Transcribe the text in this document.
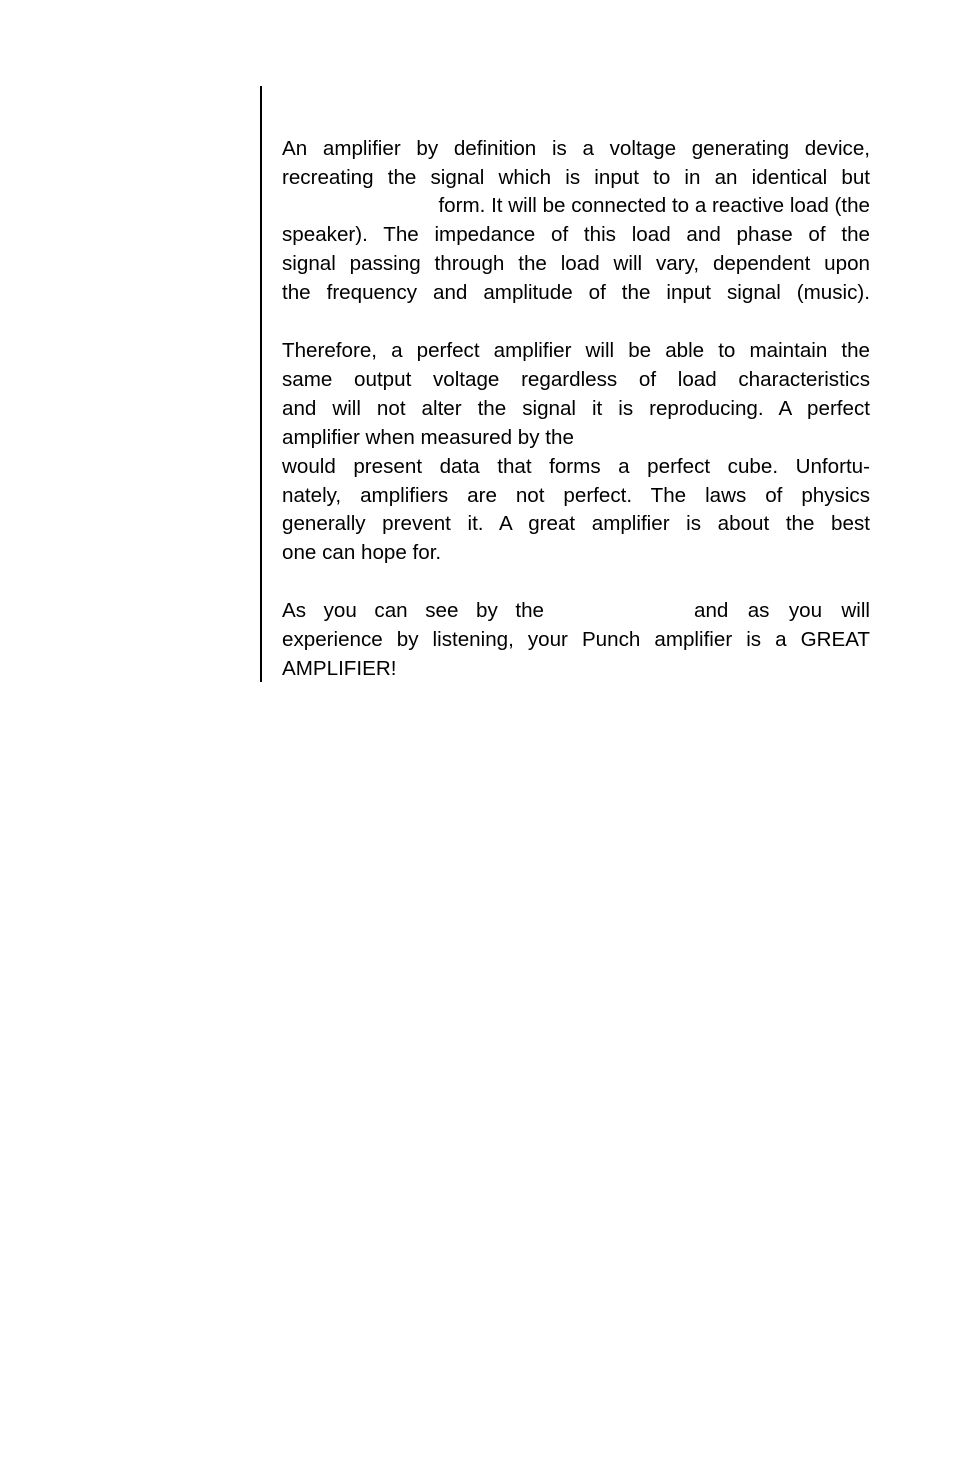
An amplifier by definition is a voltage generating device,
recreating the signal which is input to in an identical but
form. It will be connected to a reactive load (the
speaker). The impedance of this load and phase of the
signal passing through the load will vary, dependent upon
the frequency and amplitude of the input signal (music).
Therefore, a perfect amplifier will be able to maintain the
same output voltage regardless of load characteristics
and will not alter the signal it is reproducing. A perfect
amplifier when measured by the
would present data that forms a perfect cube. Unfortu-
nately, amplifiers are not perfect. The laws of physics
generally prevent it. A great amplifier is about the best
one can hope for.
As you can see by the	and as you will
experience by listening, your Punch amplifier is a GREAT
AMPLIFIER!
